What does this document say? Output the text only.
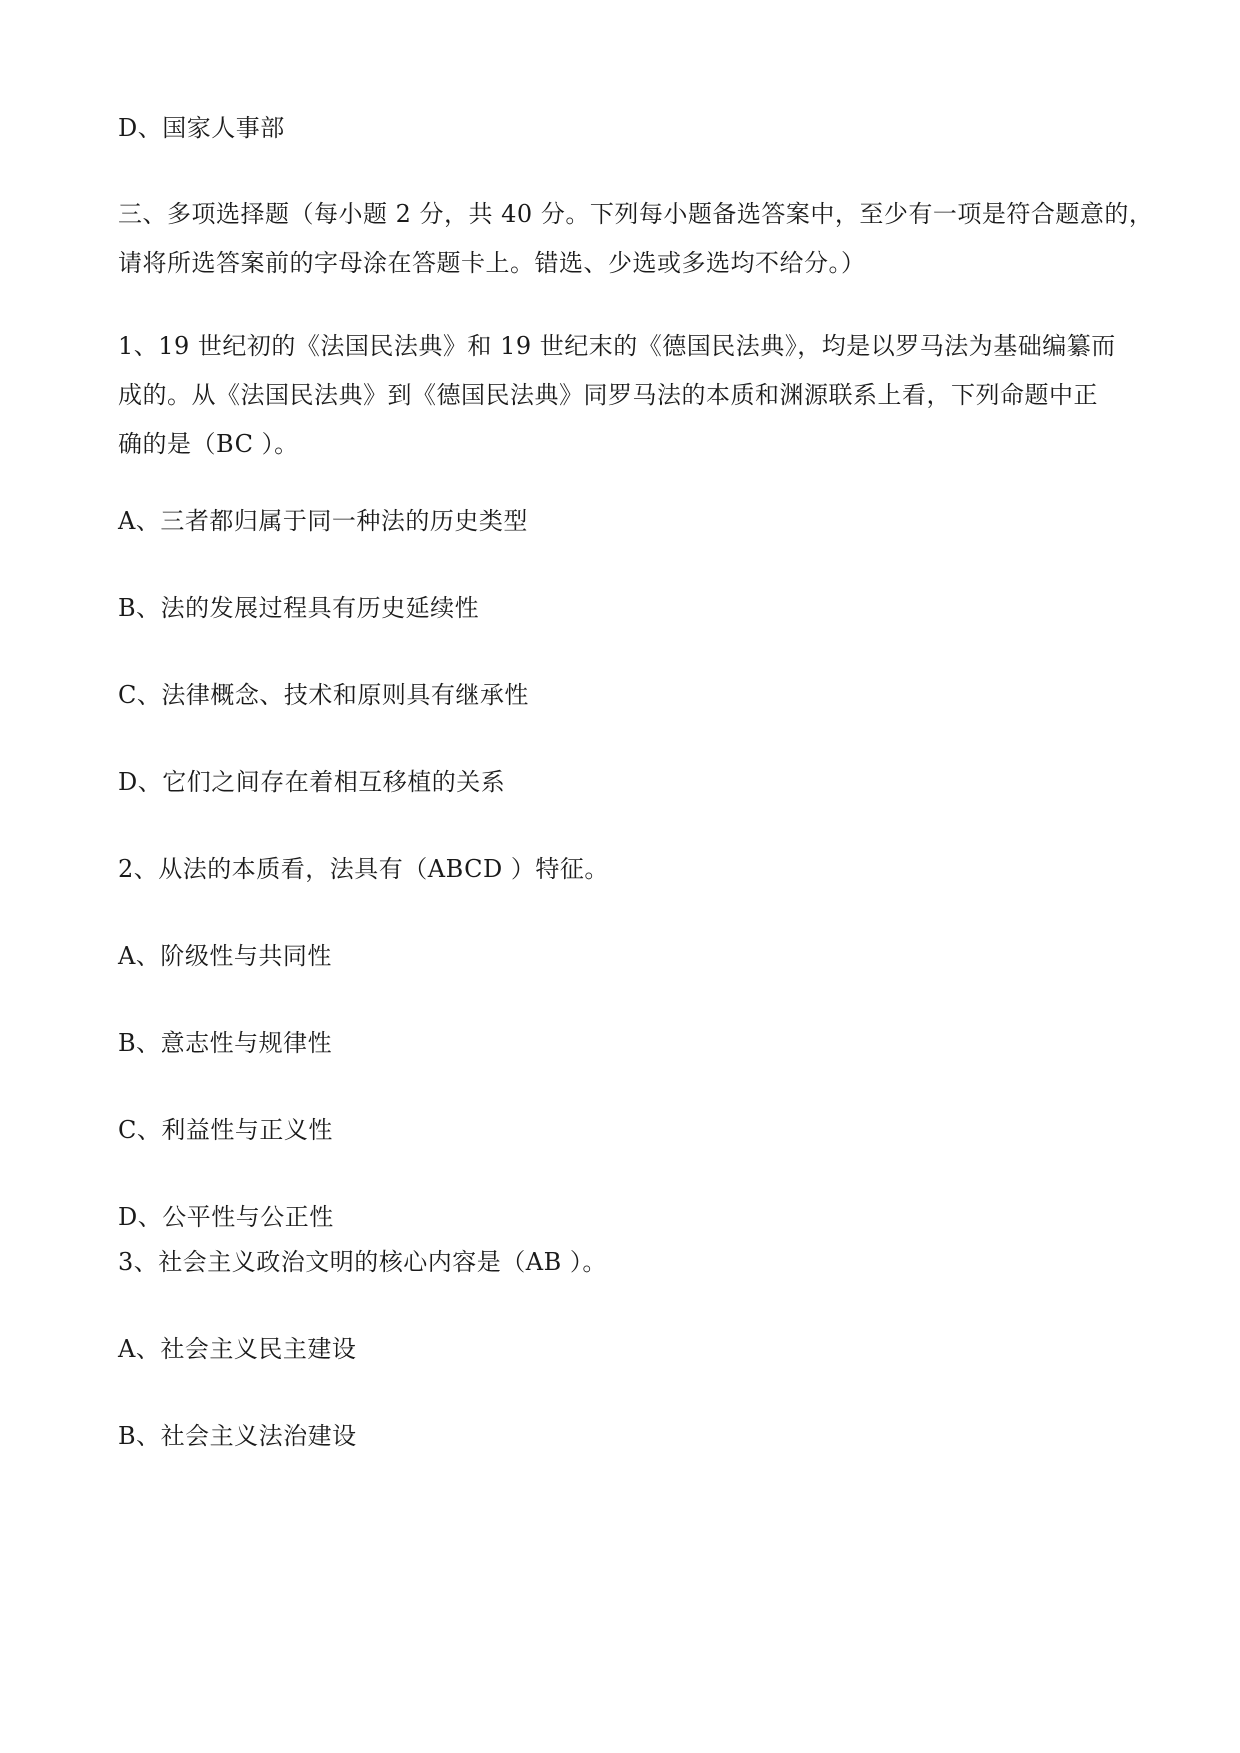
D、国家人事部

三、多项选择题（每小题 2 分，共 40 分。下列每小题备选答案中，至少有一项是符合题意的，
请将所选答案前的字母涂在答题卡上。错选、少选或多选均不给分。）
1、19 世纪初的《法国民法典》和 19 世纪末的《德国民法典》，均是以罗马法为基础编纂而
成的。从《法国民法典》到《德国民法典》同罗马法的本质和渊源联系上看，下列命题中正
确的是（BC ）。

A、三者都归属于同一种法的历史类型

B、法的发展过程具有历史延续性

C、法律概念、技术和原则具有继承性

D、它们之间存在着相互移植的关系

2、从法的本质看，法具有（ABCD ）特征。

A、阶级性与共同性

B、意志性与规律性

C、利益性与正义性

D、公平性与公正性

3、社会主义政治文明的核心内容是（AB ）。

A、社会主义民主建设

B、社会主义法治建设
